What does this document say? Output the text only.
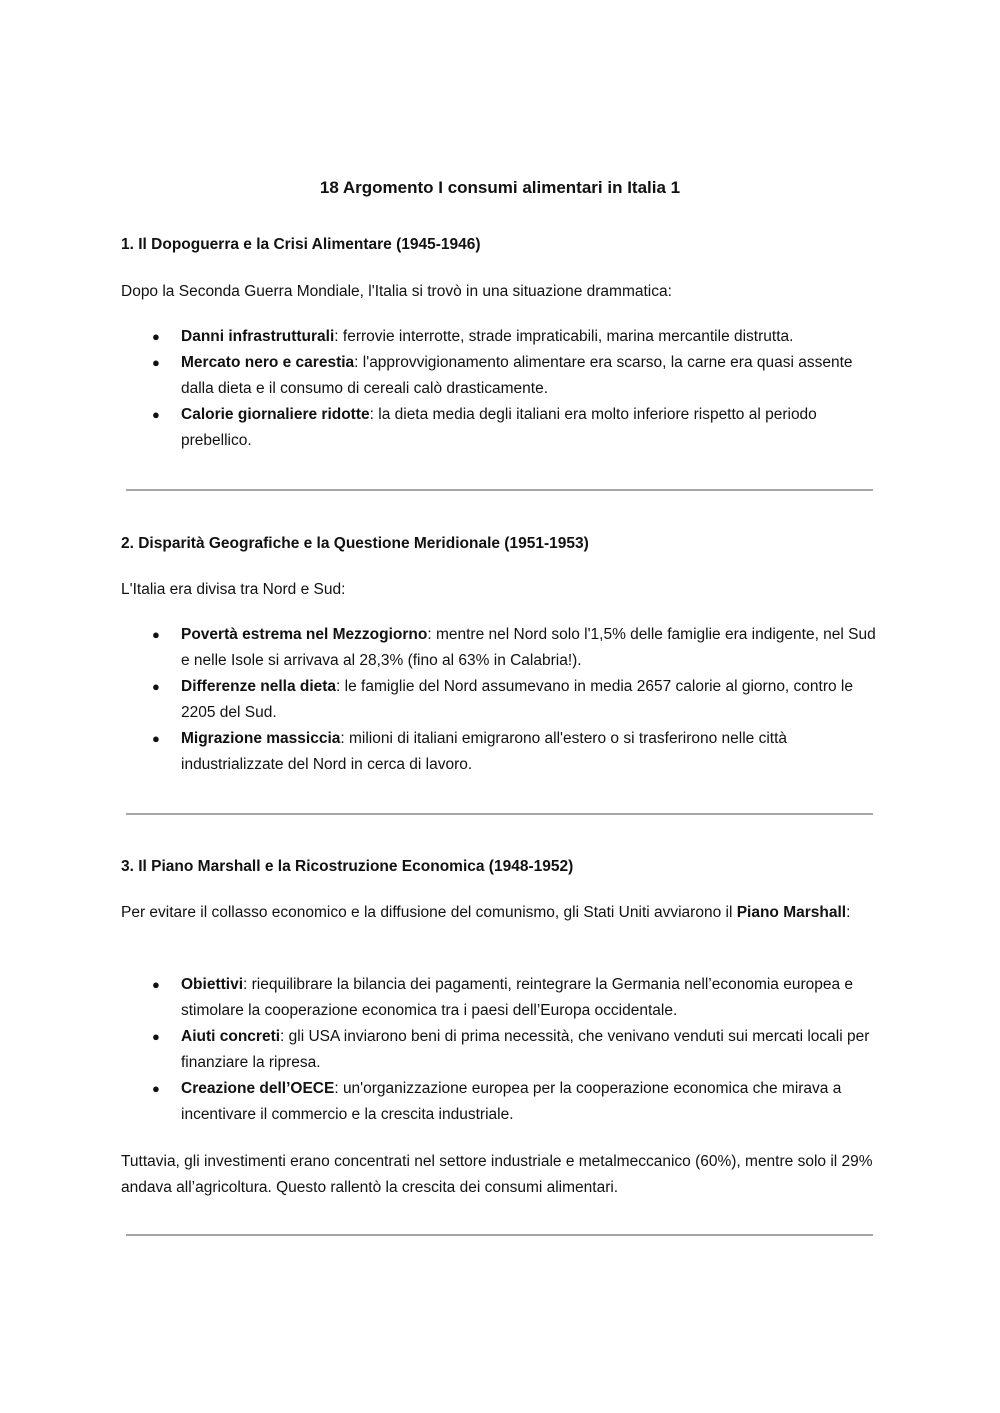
18 Argomento I consumi alimentari in Italia 1
1. Il Dopoguerra e la Crisi Alimentare (1945-1946)

Dopo la Seconda Guerra Mondiale, l'Italia si trovò in una situazione drammatica:

● Danni infrastrutturali: ferrovie interrotte, strade impraticabili, marina mercantile distrutta.
● Mercato nero e carestia: l'approvvigionamento alimentare era scarso, la carne era quasi assente dalla dieta e il consumo di cereali calò drasticamente.
● Calorie giornaliere ridotte: la dieta media degli italiani era molto inferiore rispetto al periodo prebellico.
2. Disparità Geografiche e la Questione Meridionale (1951-1953)

L'Italia era divisa tra Nord e Sud:

● Povertà estrema nel Mezzogiorno: mentre nel Nord solo l'1,5% delle famiglie era indigente, nel Sud e nelle Isole si arrivava al 28,3% (fino al 63% in Calabria!).
● Differenze nella dieta: le famiglie del Nord assumevano in media 2657 calorie al giorno, contro le 2205 del Sud.
● Migrazione massiccia: milioni di italiani emigrarono all'estero o si trasferirono nelle città industrializzate del Nord in cerca di lavoro.
3. Il Piano Marshall e la Ricostruzione Economica (1948-1952)

Per evitare il collasso economico e la diffusione del comunismo, gli Stati Uniti avviarono il Piano Marshall:

● Obiettivi: riequilibrare la bilancia dei pagamenti, reintegrare la Germania nell’economia europea e stimolare la cooperazione economica tra i paesi dell’Europa occidentale.
● Aiuti concreti: gli USA inviarono beni di prima necessità, che venivano venduti sui mercati locali per finanziare la ripresa.
● Creazione dell’OECE: un'organizzazione europea per la cooperazione economica che mirava a incentivare il commercio e la crescita industriale.

Tuttavia, gli investimenti erano concentrati nel settore industriale e metalmeccanico (60%), mentre solo il 29% andava all’agricoltura. Questo rallentò la crescita dei consumi alimentari.
